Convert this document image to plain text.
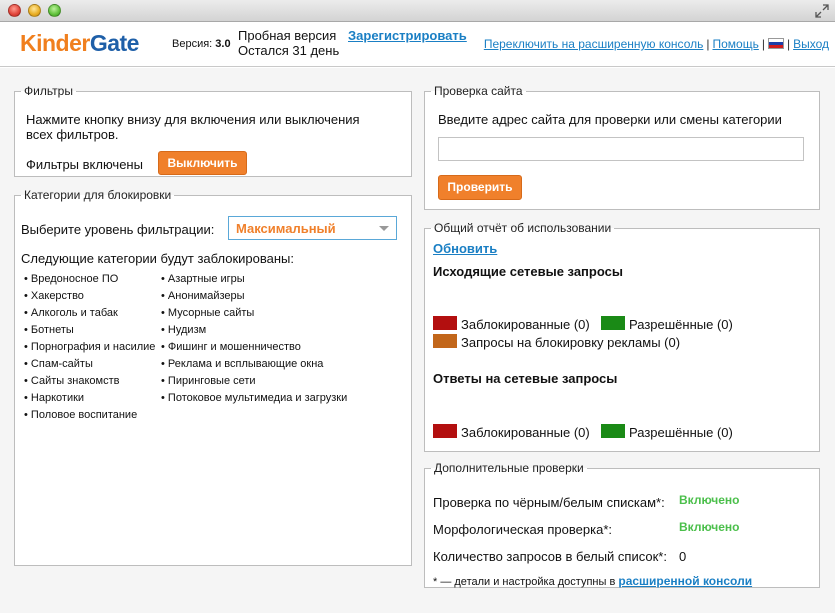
KinderGate	Версия: 3.0
Пробная версия
Остался 31 день
Зарегистрировать
Переключить на расширенную консоль | Помощь | | Выход
Фильтры
Нажмите кнопку внизу для включения или выключения всех фильтров.
Фильтры включены	Выключить
Категории для блокировки
Выберите уровень фильтрации: Максимальный
Следующие категории будут заблокированы:
• Вредоносное ПО
• Хакерство
• Алкоголь и табак
• Ботнеты
• Порнография и насилие
• Спам-сайты
• Сайты знакомств
• Наркотики
• Половое воспитание
• Азартные игры
• Анонимайзеры
• Мусорные сайты
• Нудизм
• Фишинг и мошенничество
• Реклама и всплывающие окна
• Пиринговые сети
• Потоковое мультимедиа и загрузки
Проверка сайта
Введите адрес сайта для проверки или смены категории
Проверить
Общий отчёт об использовании
Обновить
Исходящие сетевые запросы
Заблокированные (0)	Разрешённые (0)
Запросы на блокировку рекламы (0)
Ответы на сетевые запросы
Заблокированные (0)	Разрешённые (0)
Дополнительные проверки
Проверка по чёрным/белым спискам*: Включено
Морфологическая проверка*:	Включено
Количество запросов в белый список*: 0
* — детали и настройка доступны в расширенной консоли
